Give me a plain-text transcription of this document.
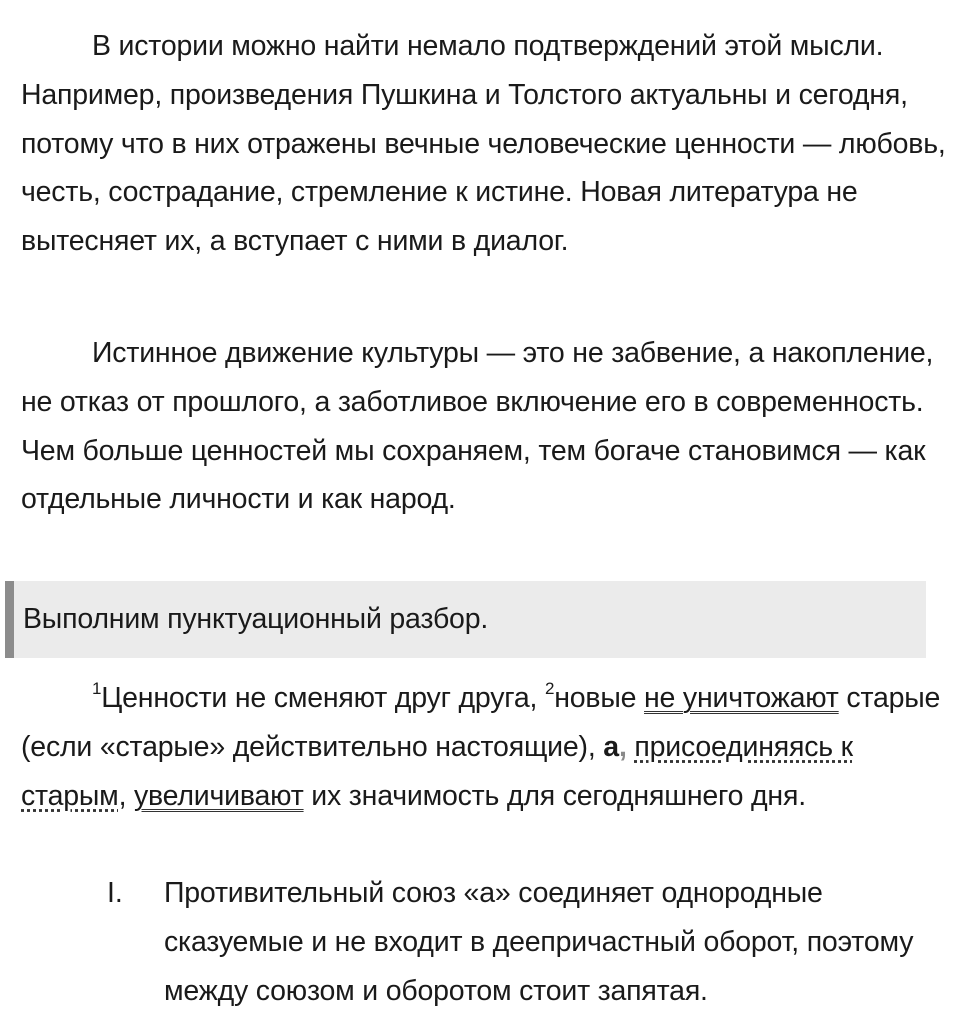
В истории можно найти немало подтверждений этой мысли. Например, произведения Пушкина и Толстого актуальны и сегодня, потому что в них отражены вечные человеческие ценности — любовь, честь, сострадание, стремление к истине. Новая литература не вытесняет их, а вступает с ними в диалог.

Истинное движение культуры — это не забвение, а накопление, не отказ от прошлого, а заботливое включение его в современность. Чем больше ценностей мы сохраняем, тем богаче становимся — как отдельные личности и как народ.

Выполним пунктуационный разбор.

$^1$Ценности не сменяют друг друга, $^2$новые не уничтожают старые (если «старые» действительно настоящие), а, присоединяясь к старым, увеличивают их значимость для сегодняшнего дня.

I. Противительный союз «а» соединяет однородные сказуемые и не входит в деепричастный оборот, поэтому между союзом и оборотом стоит запятая.
